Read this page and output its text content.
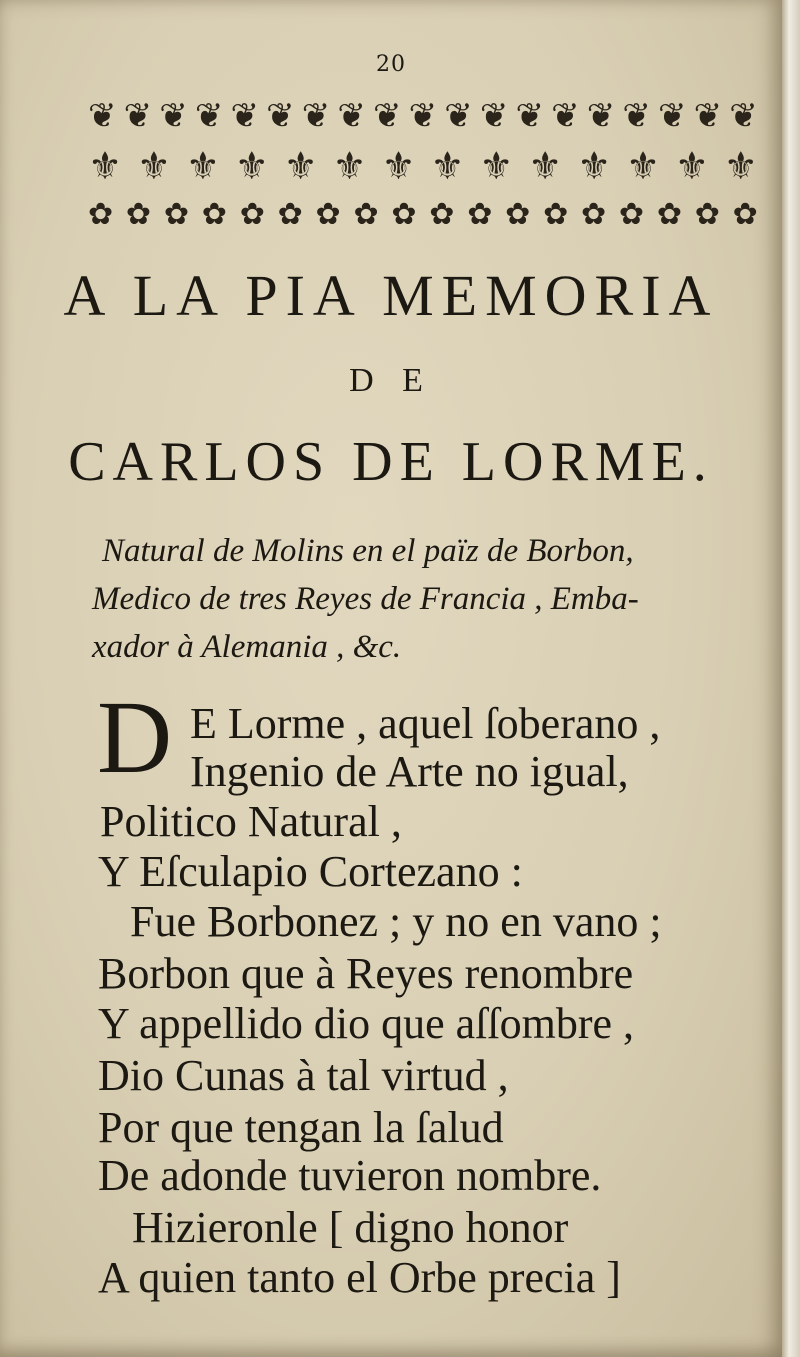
20
❦ ❦ ❦ ❦ ❦ ❦ ❦ ❦ ❦ ❦ ❦ ❦ ❦ ❦ ❦ ❦ ❦ ❦ ❦
⚜ ⚜ ⚜ ⚜ ⚜ ⚜ ⚜ ⚜ ⚜ ⚜ ⚜ ⚜ ⚜ ⚜
✿ ✿ ✿ ✿ ✿ ✿ ✿ ✿ ✿ ✿ ✿ ✿ ✿ ✿ ✿ ✿ ✿ ✿
A LA PIA MEMORIA
D E
CARLOS DE LORME.
Natural de Molins en el païz de Borbon,
Medico de tres Reyes de Francia , Emba-
xador à Alemania , &c.
D E Lorme , aquel ſoberano ,
Ingenio de Arte no igual,
Politico Natural ,
Y Eſculapio Cortezano :
Fue Borbonez ; y no en vano ;
Borbon que à Reyes renombre
Y appellido dio que aſſombre ,
Dio Cunas à tal virtud ,
Por que tengan la ſalud
De adonde tuvieron nombre.
Hizieronle [ digno honor
A quien tanto el Orbe precia ]
